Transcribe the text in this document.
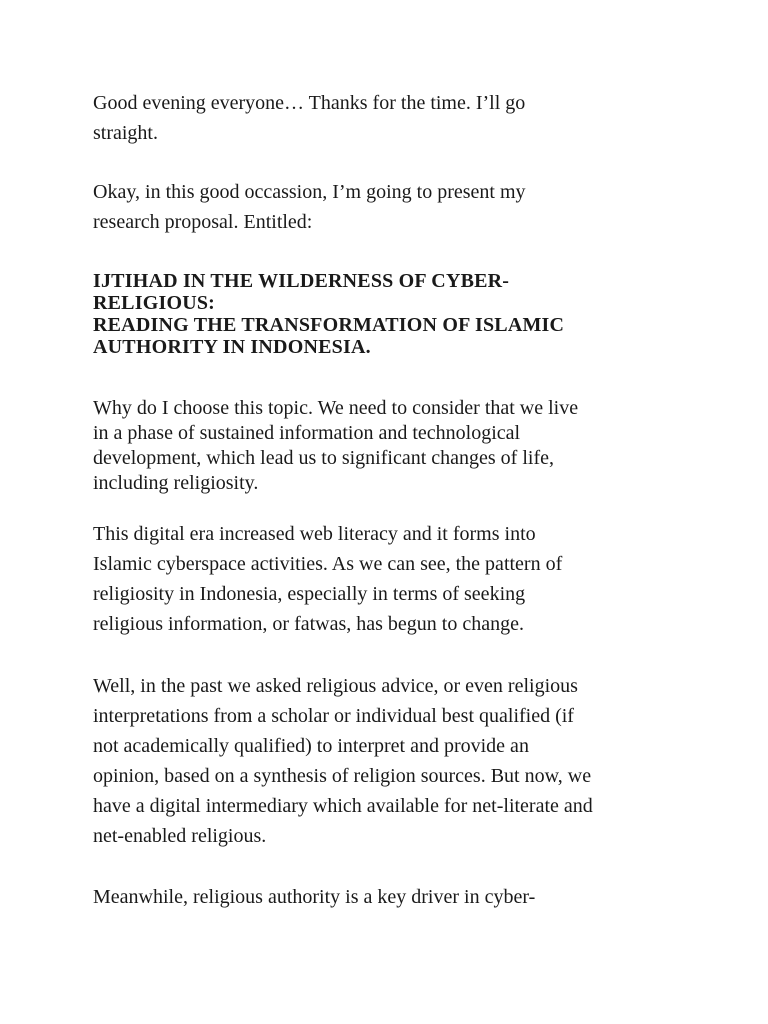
Good evening everyone… Thanks for the time. I’ll go
straight.

Okay, in this good occassion, I’m going to present my
research proposal. Entitled:

IJTIHAD IN THE WILDERNESS OF CYBER-
RELIGIOUS:
READING THE TRANSFORMATION OF ISLAMIC
AUTHORITY IN INDONESIA.

Why do I choose this topic. We need to consider that we live
in a phase of sustained information and technological
development, which lead us to significant changes of life,
including religiosity.

This digital era increased web literacy and it forms into
Islamic cyberspace activities. As we can see, the pattern of
religiosity in Indonesia, especially in terms of seeking
religious information, or fatwas, has begun to change.

Well, in the past we asked religious advice, or even religious
interpretations from a scholar or individual best qualified (if
not academically qualified) to interpret and provide an
opinion, based on a synthesis of religion sources. But now, we
have a digital intermediary which available for net-literate and
net-enabled religious.

Meanwhile, religious authority is a key driver in cyber-
